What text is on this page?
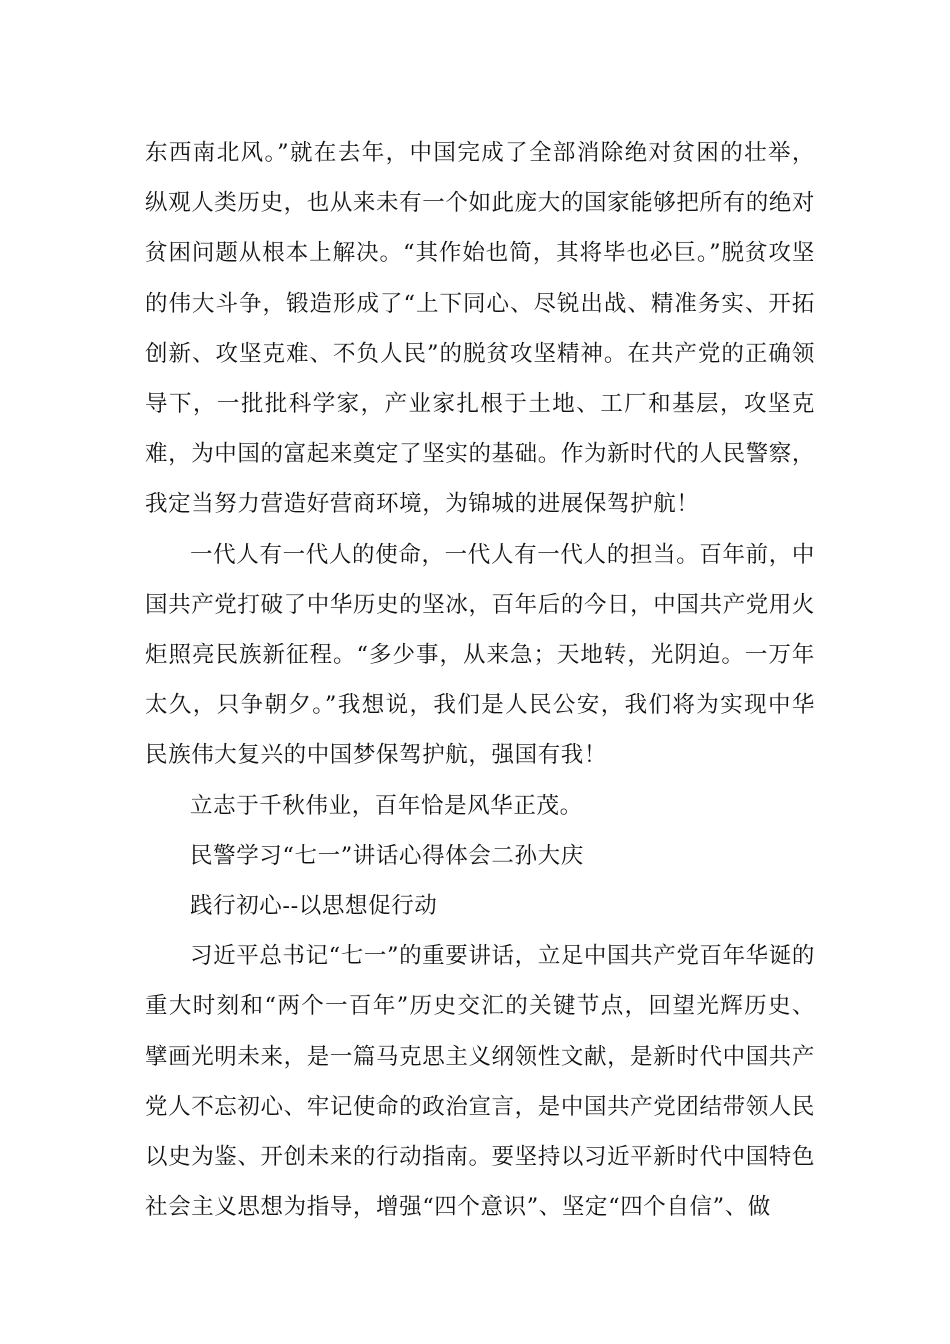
东西南北风。”就在去年，中国完成了全部消除绝对贫困的壮举，纵观人类历史，也从来未有一个如此庞大的国家能够把所有的绝对贫困问题从根本上解决。“其作始也简，其将毕也必巨。”脱贫攻坚的伟大斗争，锻造形成了“上下同心、尽锐出战、精准务实、开拓创新、攻坚克难、不负人民”的脱贫攻坚精神。在共产党的正确领导下，一批批科学家，产业家扎根于土地、工厂和基层，攻坚克难，为中国的富起来奠定了坚实的基础。作为新时代的人民警察，我定当努力营造好营商环境，为锦城的进展保驾护航！

一代人有一代人的使命，一代人有一代人的担当。百年前，中国共产党打破了中华历史的坚冰，百年后的今日，中国共产党用火炬照亮民族新征程。“多少事，从来急；天地转，光阴迫。一万年太久，只争朝夕。”我想说，我们是人民公安，我们将为实现中华民族伟大复兴的中国梦保驾护航，强国有我！

立志于千秋伟业，百年恰是风华正茂。

民警学习“七一”讲话心得体会二孙大庆

践行初心--以思想促行动

习近平总书记“七一”的重要讲话，立足中国共产党百年华诞的重大时刻和“两个一百年”历史交汇的关键节点，回望光辉历史、擘画光明未来，是一篇马克思主义纲领性文献，是新时代中国共产党人不忘初心、牢记使命的政治宣言，是中国共产党团结带领人民以史为鉴、开创未来的行动指南。要坚持以习近平新时代中国特色社会主义思想为指导，增强“四个意识”、坚定“四个自信”、做
